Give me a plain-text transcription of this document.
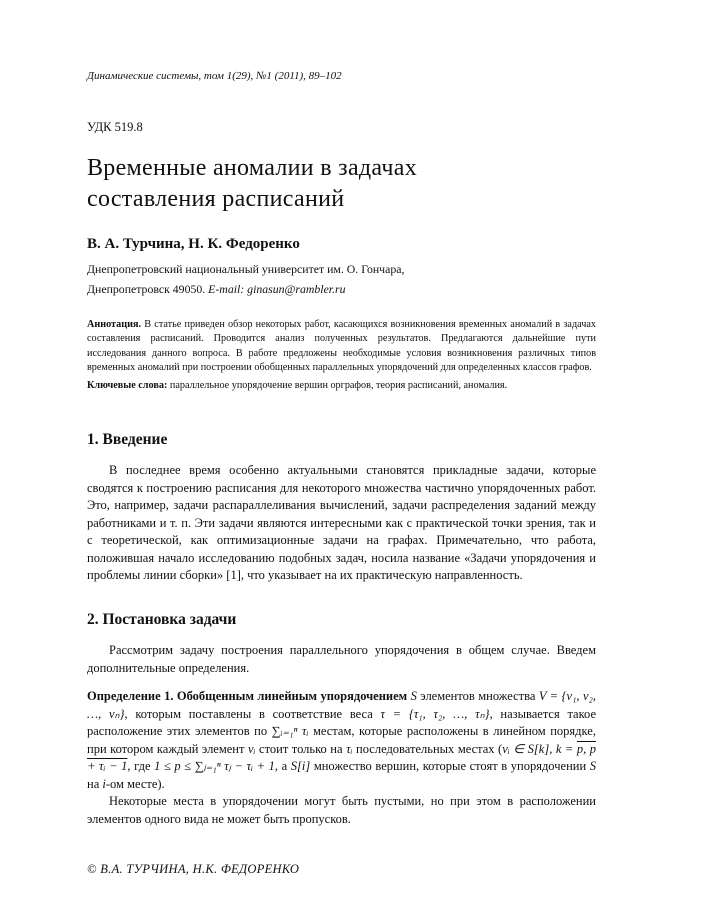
Динамические системы, том 1(29), №1 (2011), 89–102
УДК 519.8
Временные аномалии в задачах
составления расписаний
В. А. Турчина, Н. К. Федоренко
Днепропетровский национальный университет им. О. Гончара,
Днепропетровск 49050. E-mail: ginasun@rambler.ru

Аннотация. В статье приведен обзор некоторых работ, касающихся возникновения временных аномалий в задачах составления расписаний. Проводится анализ полученных результатов. Предлагаются дальнейшие пути исследования данного вопроса. В работе предложены необходимые условия возникновения различных типов временных аномалий при построении обобщенных параллельных упорядочений для определенных классов графов.

Ключевые слова: параллельное упорядочение вершин орграфов, теория расписаний, аномалия.

1. Введение

В последнее время особенно актуальными становятся прикладные задачи, которые сводятся к построению расписания для некоторого множества частично упорядоченных работ. Это, например, задачи распараллеливания вычислений, задачи распределения заданий между работниками и т. п. Эти задачи являются интересными как с практической точки зрения, так и с теоретической, как оптимизационные задачи на графах. Примечательно, что работа, положившая начало исследованию подобных задач, носила название «Задачи упорядочения и проблемы линии сборки» [1], что указывает на их практическую направленность.

2. Постановка задачи

Рассмотрим задачу построения параллельного упорядочения в общем случае. Введем дополнительные определения.

Определение 1. Обобщенным линейным упорядочением S элементов множества V = {v₁, v₂, …, vₙ}, которым поставлены в соответствие веса τ = {τ₁, τ₂, …, τₙ}, называется такое расположение этих элементов по ∑ᵢ₌₁ⁿ τᵢ местам, которые расположены в линейном порядке, при котором каждый элемент vᵢ стоит только на τᵢ последовательных местах (vᵢ ∈ S[k], k = p, p + τᵢ − 1, где 1 ≤ p ≤ ∑ⱼ₌₁ⁿ τⱼ − τᵢ + 1, а S[i] множество вершин, которые стоят в упорядочении S на i-ом месте).

Некоторые места в упорядочении могут быть пустыми, но при этом в расположении элементов одного вида не может быть пропусков.

© В.А. ТУРЧИНА, Н.К. ФЕДОРЕНКО
